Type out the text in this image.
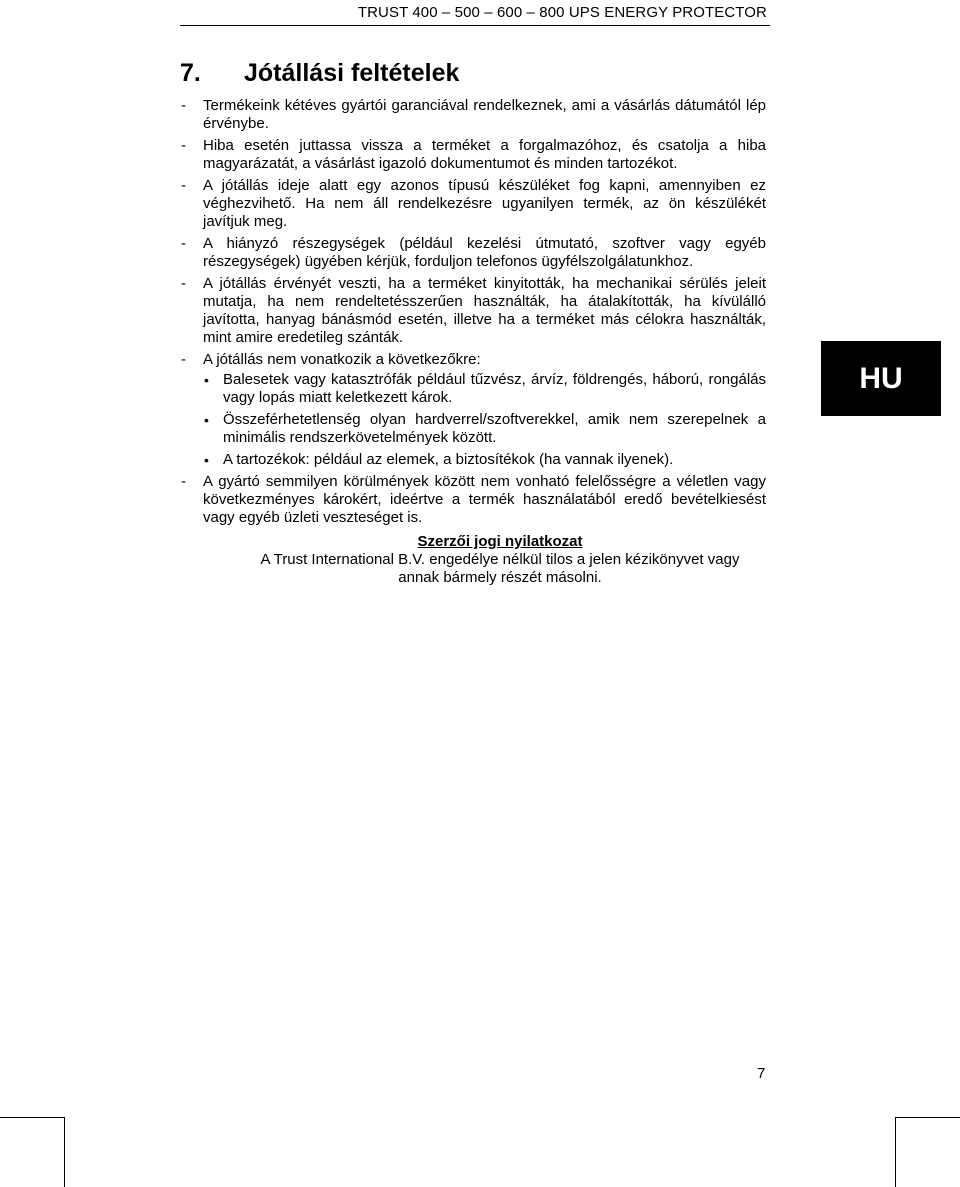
TRUST 400 – 500 – 600 – 800 UPS ENERGY PROTECTOR
7. Jótállási feltételek
- Termékeink kétéves gyártói garanciával rendelkeznek, ami a vásárlás dátumától lép érvénybe.
- Hiba esetén juttassa vissza a terméket a forgalmazóhoz, és csatolja a hiba magyarázatát, a vásárlást igazoló dokumentumot és minden tartozékot.
- A jótállás ideje alatt egy azonos típusú készüléket fog kapni, amennyiben ez véghezvihető. Ha nem áll rendelkezésre ugyanilyen termék, az ön készülékét javítjuk meg.
- A hiányzó részegységek (például kezelési útmutató, szoftver vagy egyéb részegységek) ügyében kérjük, forduljon telefonos ügyfélszolgálatunkhoz.
- A jótállás érvényét veszti, ha a terméket kinyitották, ha mechanikai sérülés jeleit mutatja, ha nem rendeltetésszerűen használták, ha átalakították, ha kívülálló javította, hanyag bánásmód esetén, illetve ha a terméket más célokra használták, mint amire eredetileg szánták.
- A jótállás nem vonatkozik a következőkre:
• Balesetek vagy katasztrófák például tűzvész, árvíz, földrengés, háború, rongálás vagy lopás miatt keletkezett károk.
• Összeférhetetlenség olyan hardverrel/szoftverekkel, amik nem szerepelnek a minimális rendszerkövetelmények között.
• A tartozékok: például az elemek, a biztosítékok (ha vannak ilyenek).
- A gyártó semmilyen körülmények között nem vonható felelősségre a véletlen vagy következményes károkért, ideértve a termék használatából eredő bevételkiesést vagy egyéb üzleti veszteséget is.
Szerzői jogi nyilatkozat
A Trust International B.V. engedélye nélkül tilos a jelen kézikönyvet vagy
annak bármely részét másolni.
HU
7
